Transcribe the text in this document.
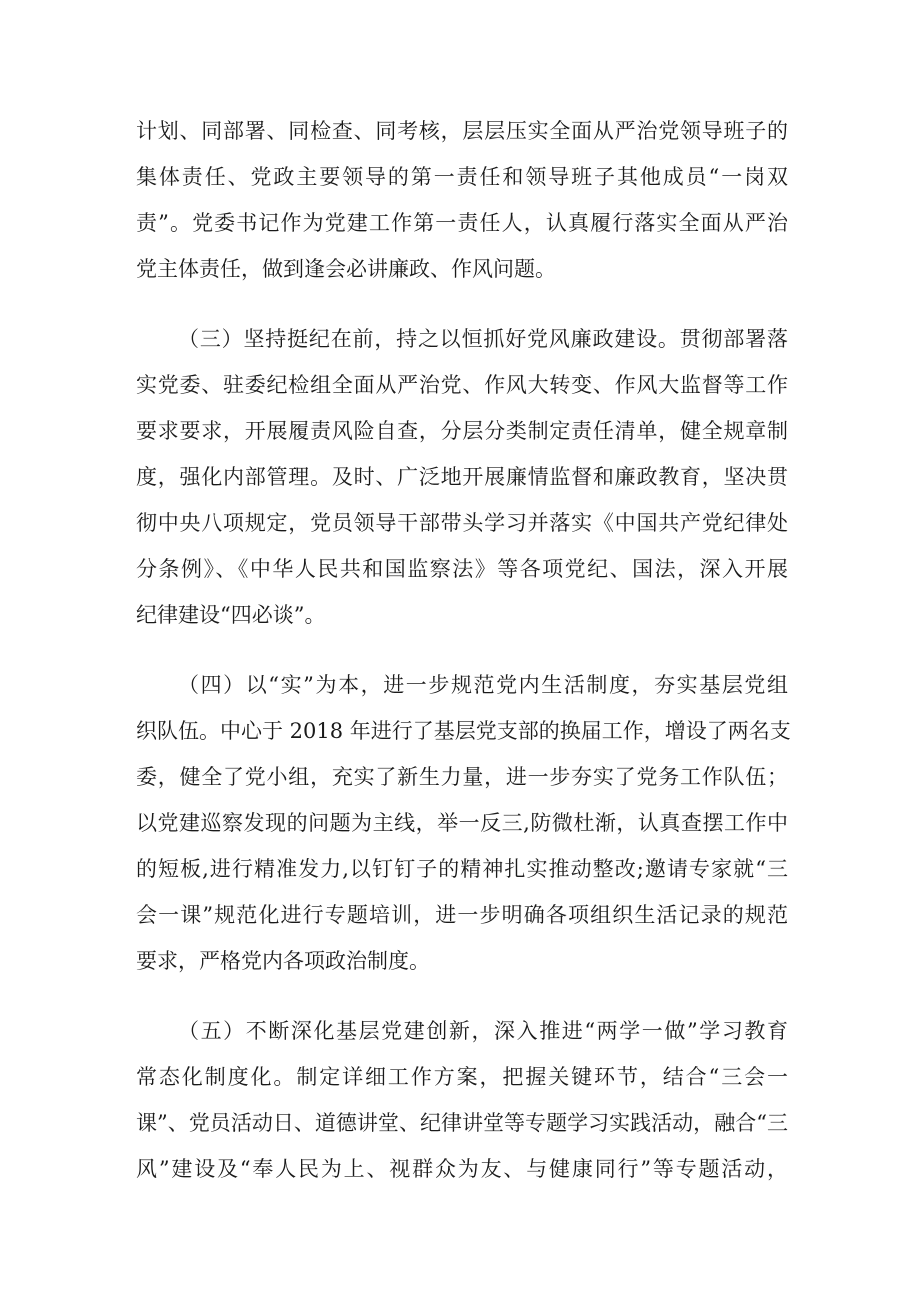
计划、同部署、同检查、同考核，层层压实全面从严治党领导班子的
集体责任、党政主要领导的第一责任和领导班子其他成员“一岗双
责”。党委书记作为党建工作第一责任人，认真履行落实全面从严治
党主体责任，做到逢会必讲廉政、作风问题。
（三）坚持挺纪在前，持之以恒抓好党风廉政建设。贯彻部署落
实党委、驻委纪检组全面从严治党、作风大转变、作风大监督等工作
要求要求，开展履责风险自查，分层分类制定责任清单，健全规章制
度，强化内部管理。及时、广泛地开展廉情监督和廉政教育，坚决贯
彻中央八项规定，党员领导干部带头学习并落实《中国共产党纪律处
分条例》、《中华人民共和国监察法》等各项党纪、国法，深入开展
纪律建设“四必谈”。
（四）以“实”为本，进一步规范党内生活制度，夯实基层党组
织队伍。中心于 2018 年进行了基层党支部的换届工作，增设了两名支
委，健全了党小组，充实了新生力量，进一步夯实了党务工作队伍；
以党建巡察发现的问题为主线，举一反三,防微杜渐，认真查摆工作中
的短板,进行精准发力,以钉钉子的精神扎实推动整改;邀请专家就“三
会一课”规范化进行专题培训，进一步明确各项组织生活记录的规范
要求，严格党内各项政治制度。
（五）不断深化基层党建创新，深入推进“两学一做”学习教育
常态化制度化。制定详细工作方案，把握关键环节，结合“三会一
课”、党员活动日、道德讲堂、纪律讲堂等专题学习实践活动，融合“三
风”建设及“奉人民为上、视群众为友、与健康同行”等专题活动，
